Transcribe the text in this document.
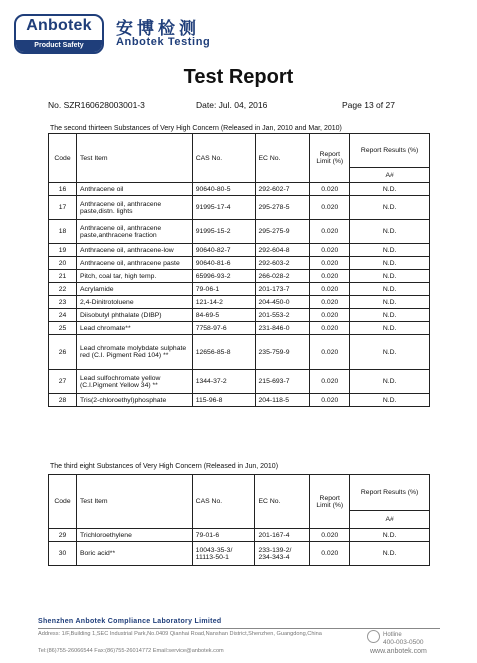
Anbotek
Product Safety
安博检测
Anbotek Testing
Test Report
No. SZR160628003001-3	Date: Jul. 04, 2016	Page 13 of 27
The second thirteen Substances of Very High Concern (Released in Jan, 2010 and Mar, 2010)
Code	Test Item	CAS No.	EC No.	Report Limit (%)	Report Results (%)
					A#
16	Anthracene oil	90640-80-5	292-602-7	0.020	N.D.
17	Anthracene oil, anthracene paste,distn. lights	91995-17-4	295-278-5	0.020	N.D.
18	Anthracene oil, anthracene paste,anthracene fraction	91995-15-2	295-275-9	0.020	N.D.
19	Anthracene oil, anthracene-low	90640-82-7	292-604-8	0.020	N.D.
20	Anthracene oil, anthracene paste	90640-81-6	292-603-2	0.020	N.D.
21	Pitch, coal tar, high temp.	65996-93-2	266-028-2	0.020	N.D.
22	Acrylamide	79-06-1	201-173-7	0.020	N.D.
23	2,4-Dinitrotoluene	121-14-2	204-450-0	0.020	N.D.
24	Diisobutyl phthalate (DIBP)	84-69-5	201-553-2	0.020	N.D.
25	Lead chromate**	7758-97-6	231-846-0	0.020	N.D.
26	Lead chromate molybdate sulphate red (C.I. Pigment Red 104) **	12656-85-8	235-759-9	0.020	N.D.
27	Lead sulfochromate yellow (C.I.Pigment Yellow 34) **	1344-37-2	215-693-7	0.020	N.D.
28	Tris(2-chloroethyl)phosphate	115-96-8	204-118-5	0.020	N.D.
The third eight Substances of Very High Concern (Released in Jun, 2010)
Code	Test Item	CAS No.	EC No.	Report Limit (%)	Report Results (%)
					A#
29	Trichloroethylene	79-01-6	201-167-4	0.020	N.D.
30	Boric acid**	10043-35-3/ 11113-50-1	233-139-2/ 234-343-4	0.020	N.D.
Shenzhen Anbotek Compliance Laboratory Limited
Address: 1/F,Building 1,SEC Industrial Park,No.0409 Qianhai Road,Nanshan District,Shenzhen, Guangdong,China
Tel:(86)755-26066544 Fax:(86)755-26014772 Email:service@anbotek.com
Hotline
400-003-0500
www.anbotek.com
